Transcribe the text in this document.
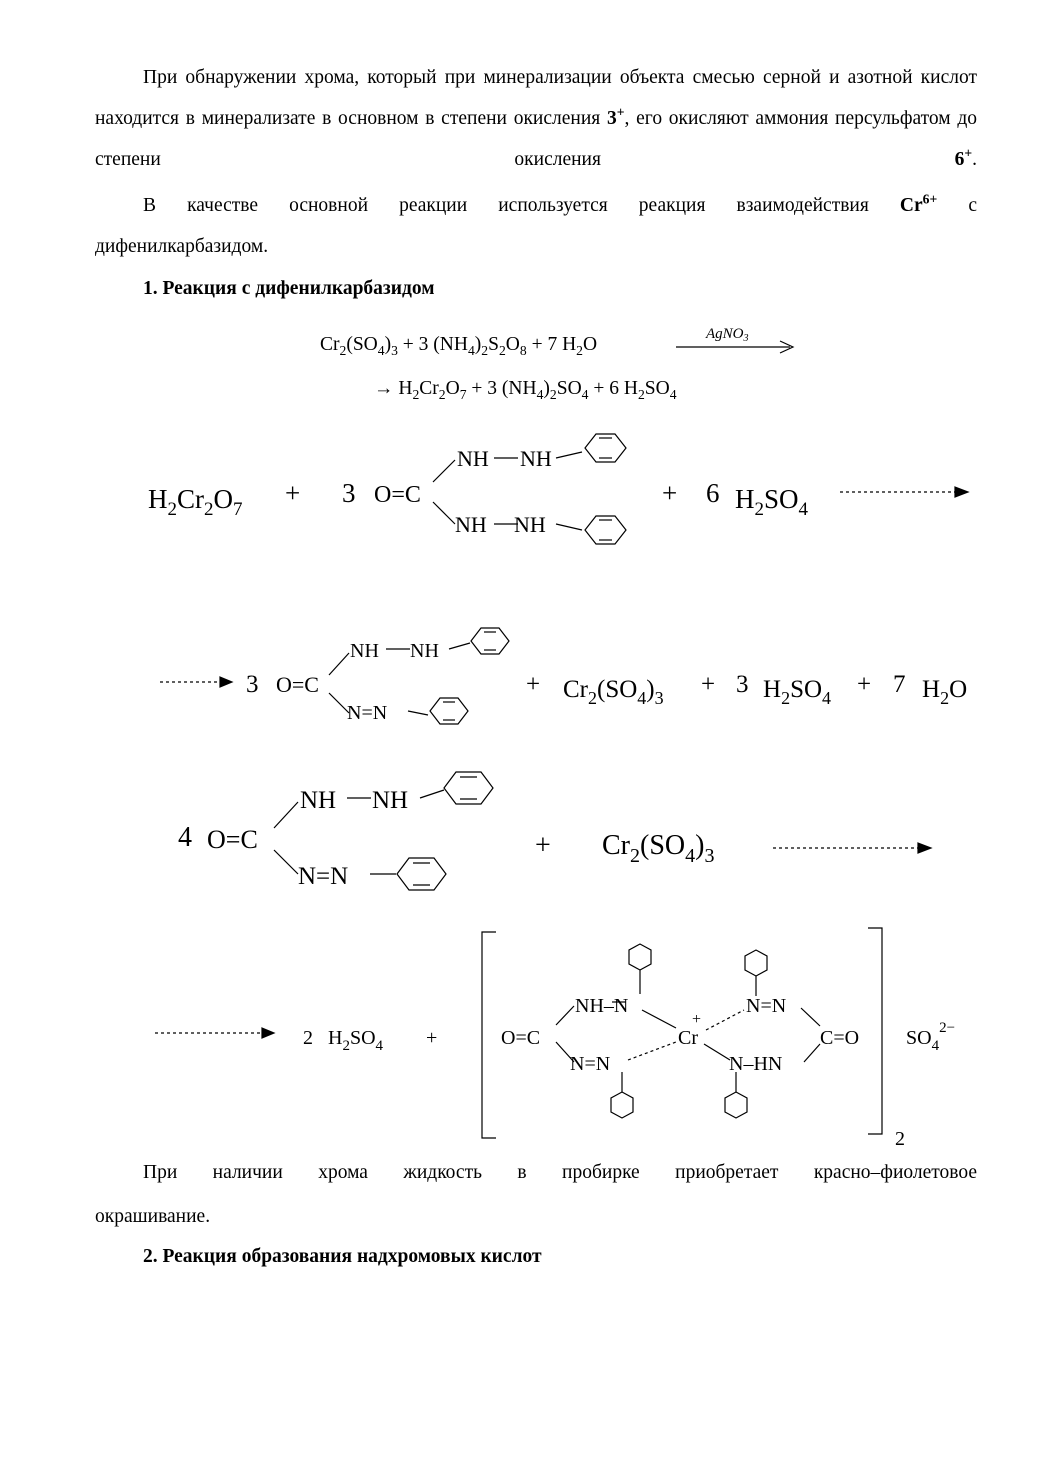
При обнаружении хрома, который при минерализации объекта смесью серной и азотной кислот находится в минерализате в основном в степени окисления 3+, его окисляют аммония персульфатом до степени окисления 6+.
В качестве основной реакции используется реакция взаимодействия $Cr^{6+}$ с
дифенилкарбазидом.
1. Реакция с дифенилкарбазидом
$Cr_2(SO_4)_3 + 3$ $(NH_4)_2S_2O_8 + 7$ $H_2O$	AgNO$_3$
→ $H_2Cr_2O_7 + 3$ $(NH_4)_2SO_4 + 6$ $H_2SO_4$
$H_2Cr_2O_7$
+ 3 O=C	+ 6 $H_2SO_4$
NH NH
NH NH
3 O=C	+ $Cr_2(SO_4)_3 + 3$ $H_2SO_4 + 7$ $H_2O$
NH NH
N=N
4 O=C	+ $Cr_2(SO_4)_3$
NH NH
N=N
2 $H_2SO_4$ +	O=C
NH–N
N=N
Cr
+
N=N
N–HN
C=O $SO_4^{2-}$
2
При наличии хрома жидкость в пробирке приобретает красно–фиолетовое
окрашивание.
2. Реакция образования надхромовых кислот
